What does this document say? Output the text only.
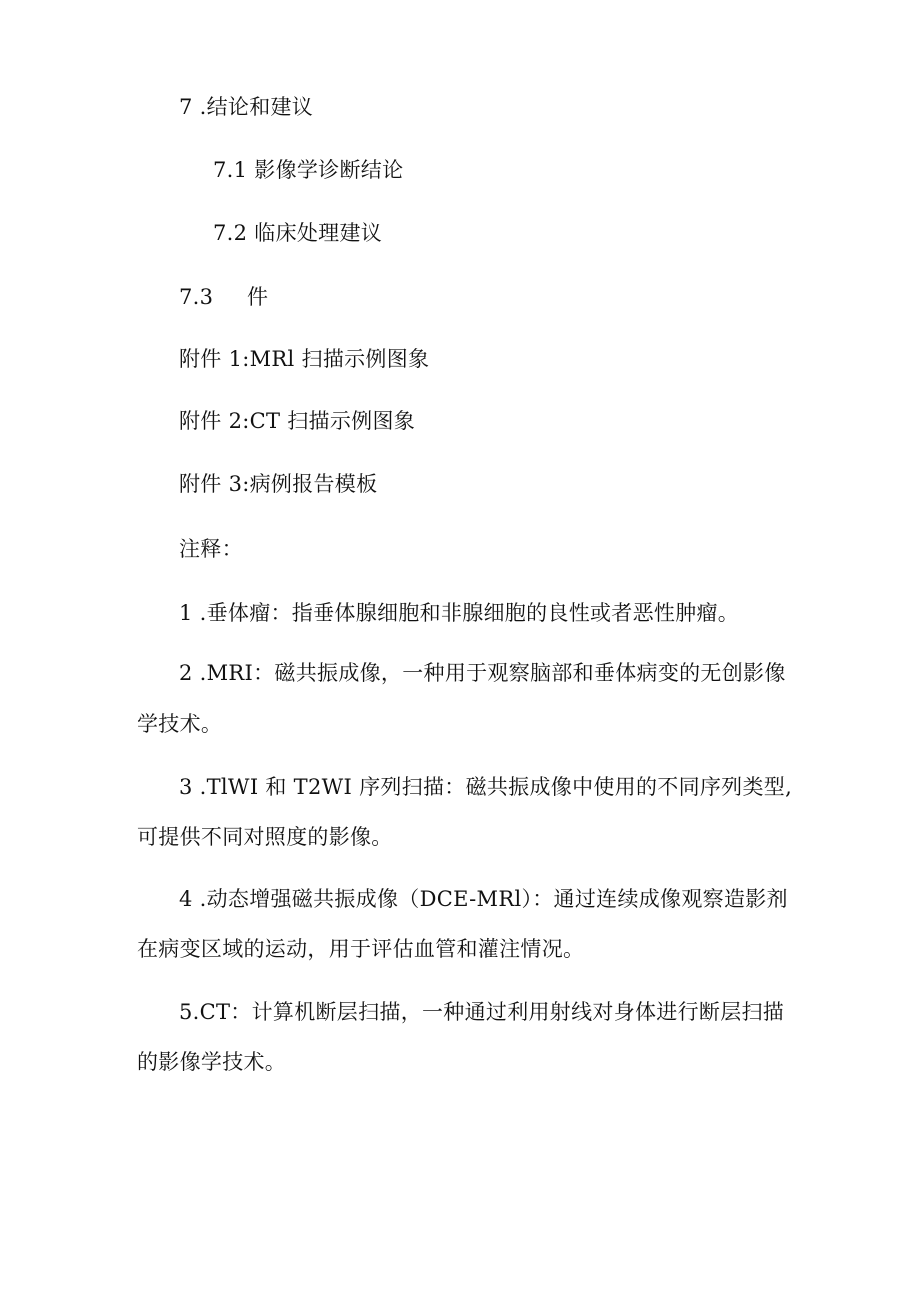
7 .结论和建议

7.1 影像学诊断结论

7.2 临床处理建议

7.3 件

附件 1:MRl 扫描示例图象

附件 2:CT 扫描示例图象

附件 3:病例报告模板

注释：

1 .垂体瘤：指垂体腺细胞和非腺细胞的良性或者恶性肿瘤。

2 .MRI：磁共振成像，一种用于观察脑部和垂体病变的无创影像

学技术。

3 .TlWI 和 T2WI 序列扫描：磁共振成像中使用的不同序列类型,

可提供不同对照度的影像。

4 .动态增强磁共振成像（DCE-MRl）：通过连续成像观察造影剂

在病变区域的运动，用于评估血管和灌注情况。

5.CT：计算机断层扫描，一种通过利用射线对身体进行断层扫描

的影像学技术。
